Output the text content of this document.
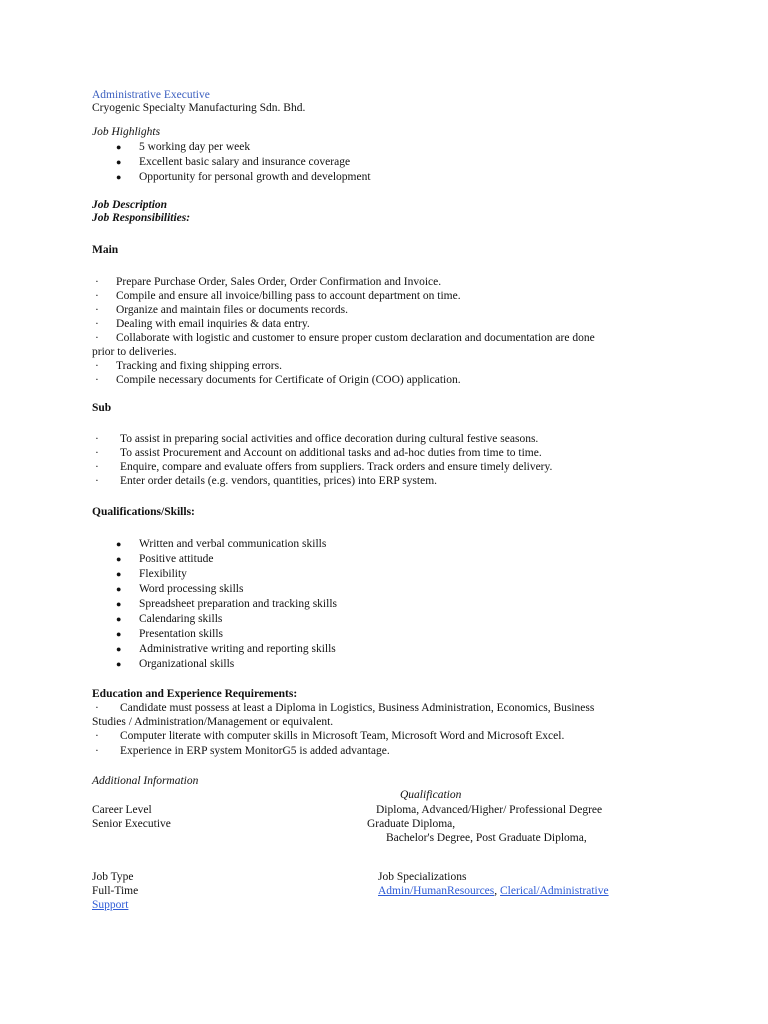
Administrative Executive
Cryogenic Specialty Manufacturing Sdn. Bhd.
Job Highlights
● 5 working day per week
● Excellent basic salary and insurance coverage
● Opportunity for personal growth and development
Job Description
Job Responsibilities:
Main
· Prepare Purchase Order, Sales Order, Order Confirmation and Invoice.
· Compile and ensure all invoice/billing pass to account department on time.
· Organize and maintain files or documents records.
· Dealing with email inquiries & data entry.
· Collaborate with logistic and customer to ensure proper custom declaration and documentation are done
prior to deliveries.
· Tracking and fixing shipping errors.
· Compile necessary documents for Certificate of Origin (COO) application.
Sub
· To assist in preparing social activities and office decoration during cultural festive seasons.
· To assist Procurement and Account on additional tasks and ad-hoc duties from time to time.
· Enquire, compare and evaluate offers from suppliers. Track orders and ensure timely delivery.
· Enter order details (e.g. vendors, quantities, prices) into ERP system.
Qualifications/Skills:
● Written and verbal communication skills
● Positive attitude
● Flexibility
● Word processing skills
● Spreadsheet preparation and tracking skills
● Calendaring skills
● Presentation skills
● Administrative writing and reporting skills
● Organizational skills
Education and Experience Requirements:
· Candidate must possess at least a Diploma in Logistics, Business Administration, Economics, Business
Studies / Administration/Management or equivalent.
· Computer literate with computer skills in Microsoft Team, Microsoft Word and Microsoft Excel.
· Experience in ERP system MonitorG5 is added advantage.
Additional Information
Qualification
Career Level	Diploma, Advanced/Higher/ Professional Degree
Senior Executive	Graduate Diploma,
Bachelor's Degree, Post Graduate Diploma,
Job Type	Job Specializations
Full-Time	Admin/HumanResources, Clerical/Administrative
Support
